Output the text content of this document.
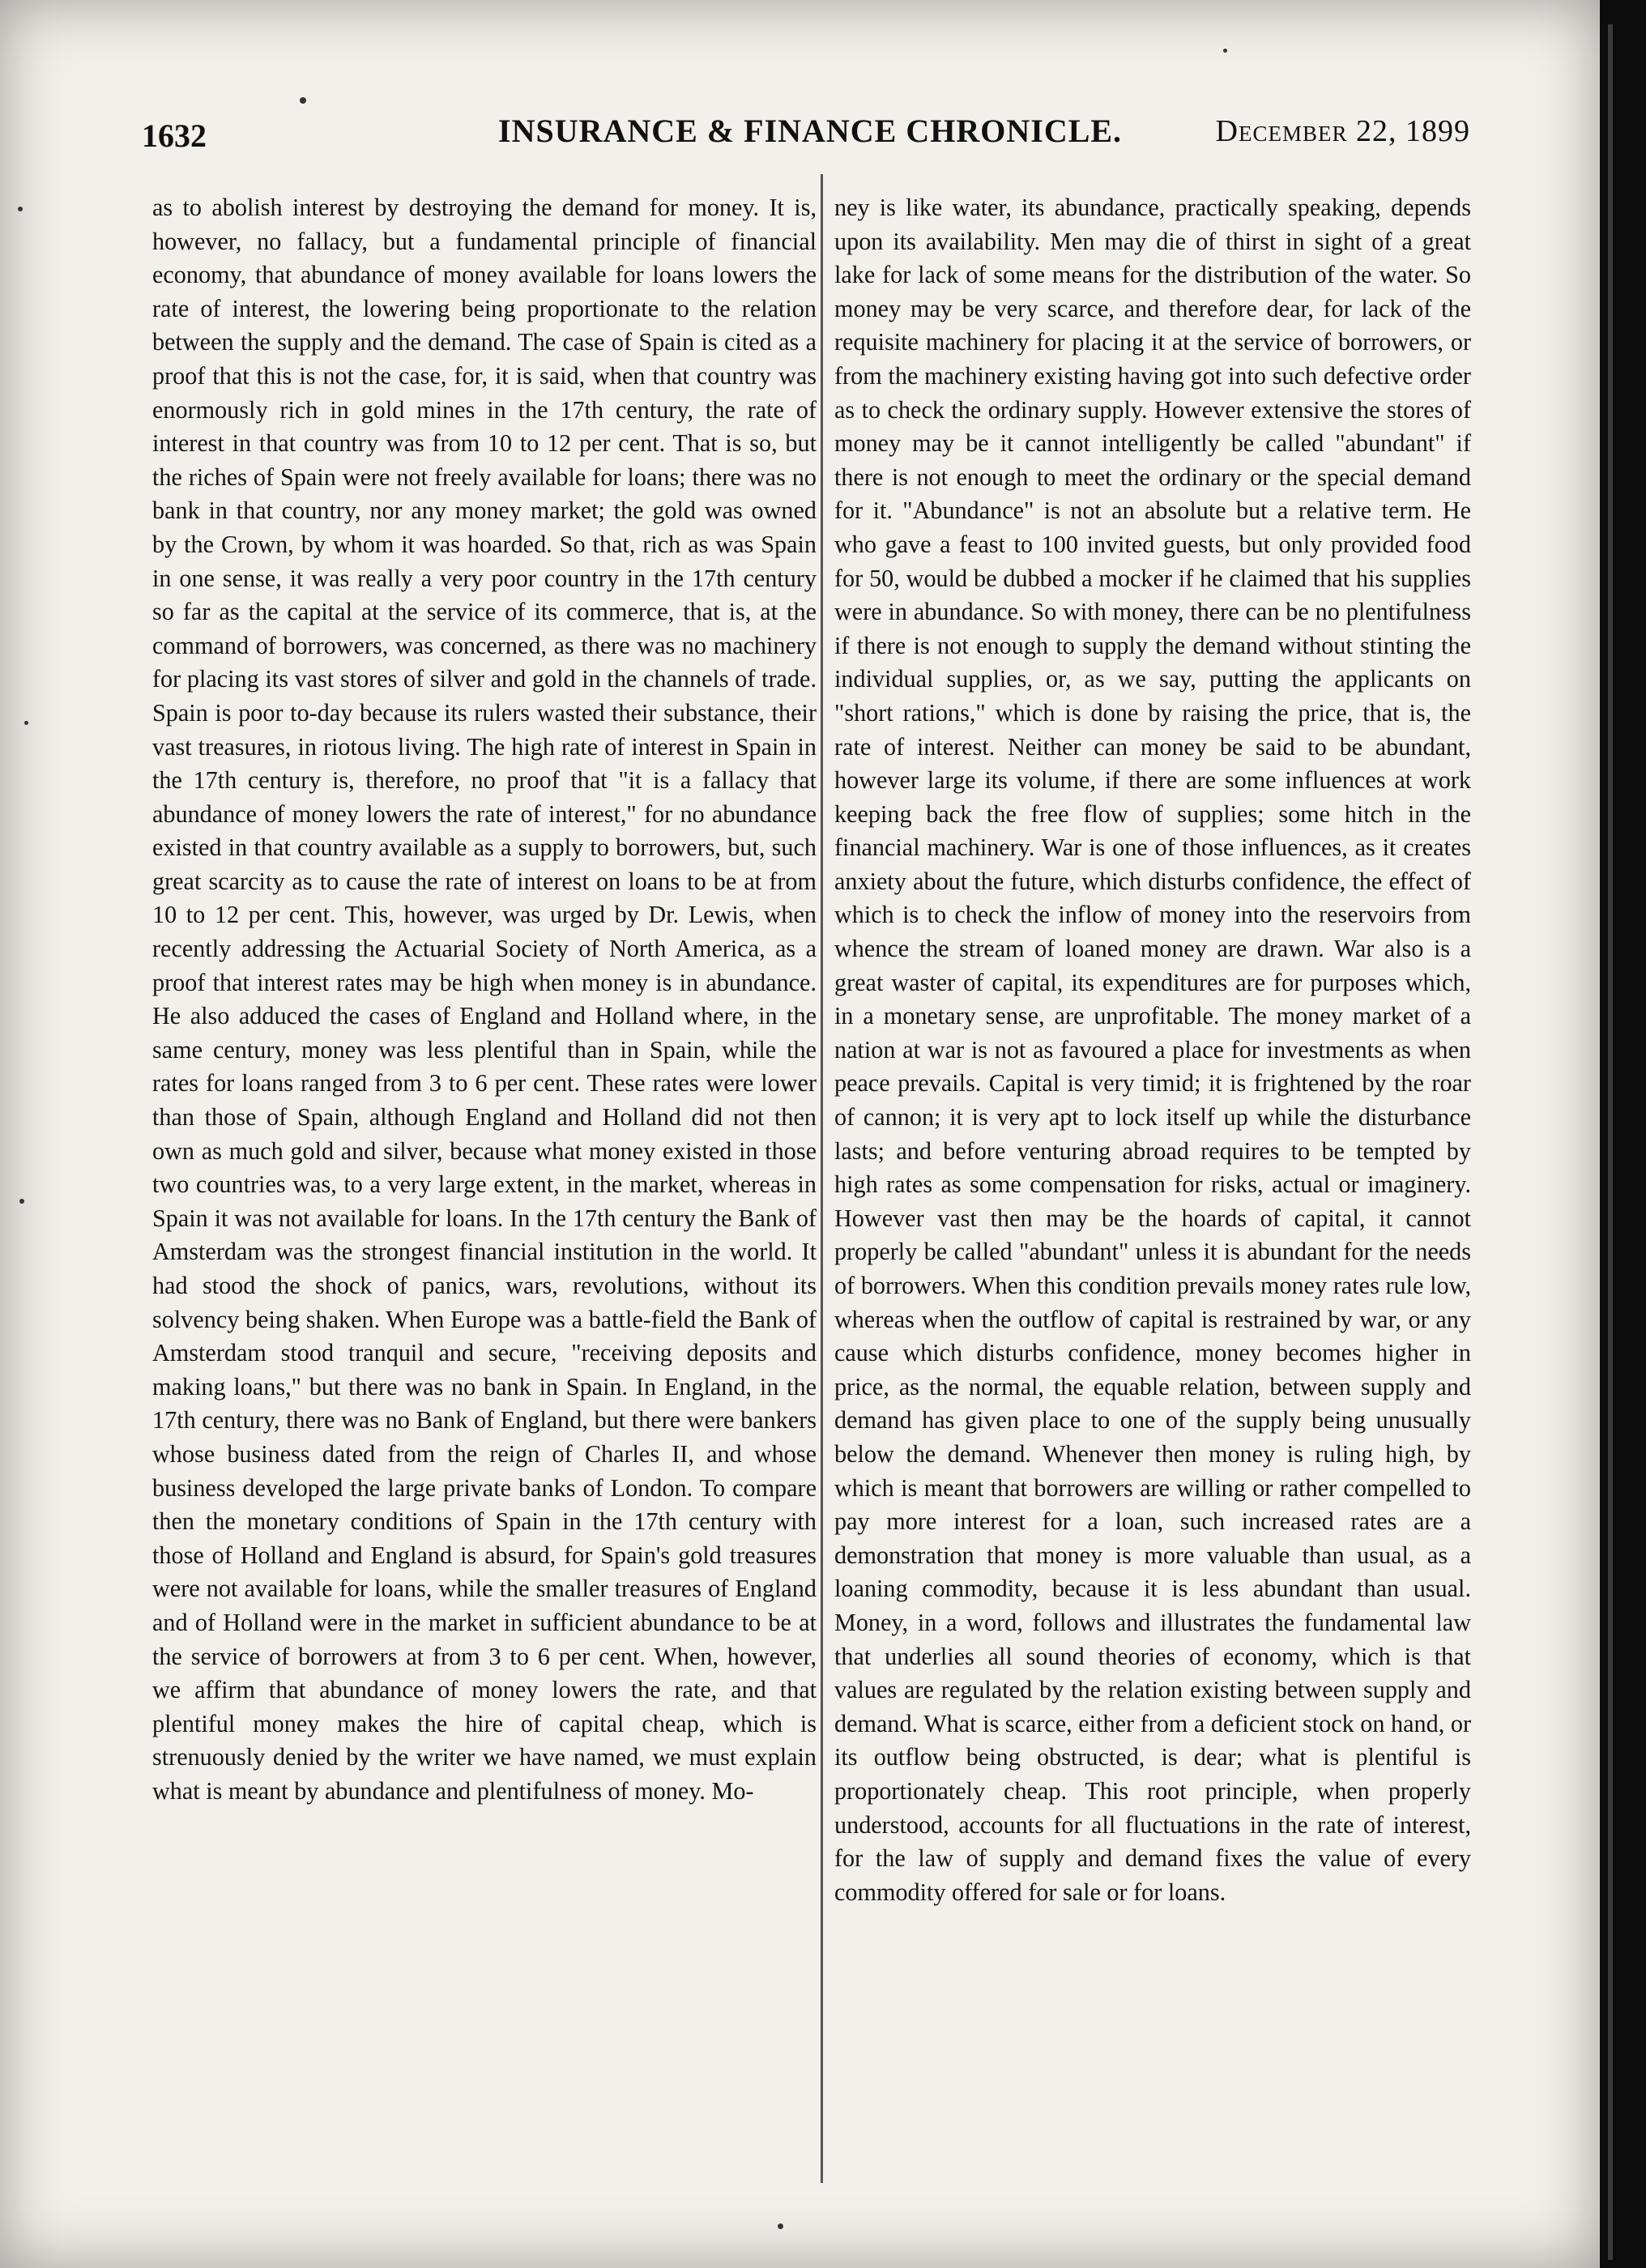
1632	INSURANCE & FINANCE CHRONICLE.	December 22, 1899

as to abolish interest by destroying the demand for money. It is, however, no fallacy, but a fundamental principle of financial economy, that abundance of money available for loans lowers the rate of interest, the lowering being proportionate to the relation between the supply and the demand. The case of Spain is cited as a proof that this is not the case, for, it is said, when that country was enormously rich in gold mines in the 17th century, the rate of interest in that country was from 10 to 12 per cent. That is so, but the riches of Spain were not freely available for loans; there was no bank in that country, nor any money market; the gold was owned by the Crown, by whom it was hoarded. So that, rich as was Spain in one sense, it was really a very poor country in the 17th century so far as the capital at the service of its commerce, that is, at the command of borrowers, was concerned, as there was no machinery for placing its vast stores of silver and gold in the channels of trade. Spain is poor to-day because its rulers wasted their substance, their vast treasures, in riotous living. The high rate of interest in Spain in the 17th century is, therefore, no proof that "it is a fallacy that abundance of money lowers the rate of interest," for no abundance existed in that country available as a supply to borrowers, but, such great scarcity as to cause the rate of interest on loans to be at from 10 to 12 per cent. This, however, was urged by Dr. Lewis, when recently addressing the Actuarial Society of North America, as a proof that interest rates may be high when money is in abundance. He also adduced the cases of England and Holland where, in the same century, money was less plentiful than in Spain, while the rates for loans ranged from 3 to 6 per cent. These rates were lower than those of Spain, although England and Holland did not then own as much gold and silver, because what money existed in those two countries was, to a very large extent, in the market, whereas in Spain it was not available for loans. In the 17th century the Bank of Amsterdam was the strongest financial institution in the world. It had stood the shock of panics, wars, revolutions, without its solvency being shaken. When Europe was a battle-field the Bank of Amsterdam stood tranquil and secure, "receiving deposits and making loans," but there was no bank in Spain. In England, in the 17th century, there was no Bank of England, but there were bankers whose business dated from the reign of Charles II, and whose business developed the large private banks of London. To compare then the monetary conditions of Spain in the 17th century with those of Holland and England is absurd, for Spain's gold treasures were not available for loans, while the smaller treasures of England and of Holland were in the market in sufficient abundance to be at the service of borrowers at from 3 to 6 per cent. When, however, we affirm that abundance of money lowers the rate, and that plentiful money makes the hire of capital cheap, which is strenuously denied by the writer we have named, we must explain what is meant by abundance and plentifulness of money. Mo-

ney is like water, its abundance, practically speaking, depends upon its availability. Men may die of thirst in sight of a great lake for lack of some means for the distribution of the water. So money may be very scarce, and therefore dear, for lack of the requisite machinery for placing it at the service of borrowers, or from the machinery existing having got into such defective order as to check the ordinary supply. However extensive the stores of money may be it cannot intelligently be called "abundant" if there is not enough to meet the ordinary or the special demand for it. "Abundance" is not an absolute but a relative term. He who gave a feast to 100 invited guests, but only provided food for 50, would be dubbed a mocker if he claimed that his supplies were in abundance. So with money, there can be no plentifulness if there is not enough to supply the demand without stinting the individual supplies, or, as we say, putting the applicants on "short rations," which is done by raising the price, that is, the rate of interest. Neither can money be said to be abundant, however large its volume, if there are some influences at work keeping back the free flow of supplies; some hitch in the financial machinery. War is one of those influences, as it creates anxiety about the future, which disturbs confidence, the effect of which is to check the inflow of money into the reservoirs from whence the stream of loaned money are drawn. War also is a great waster of capital, its expenditures are for purposes which, in a monetary sense, are unprofitable. The money market of a nation at war is not as favoured a place for investments as when peace prevails. Capital is very timid; it is frightened by the roar of cannon; it is very apt to lock itself up while the disturbance lasts; and before venturing abroad requires to be tempted by high rates as some compensation for risks, actual or imaginery. However vast then may be the hoards of capital, it cannot properly be called "abundant" unless it is abundant for the needs of borrowers. When this condition prevails money rates rule low, whereas when the outflow of capital is restrained by war, or any cause which disturbs confidence, money becomes higher in price, as the normal, the equable relation, between supply and demand has given place to one of the supply being unusually below the demand. Whenever then money is ruling high, by which is meant that borrowers are willing or rather compelled to pay more interest for a loan, such increased rates are a demonstration that money is more valuable than usual, as a loaning commodity, because it is less abundant than usual. Money, in a word, follows and illustrates the fundamental law that underlies all sound theories of economy, which is that values are regulated by the relation existing between supply and demand. What is scarce, either from a deficient stock on hand, or its outflow being obstructed, is dear; what is plentiful is proportionately cheap. This root principle, when properly understood, accounts for all fluctuations in the rate of interest, for the law of supply and demand fixes the value of every commodity offered for sale or for loans.
